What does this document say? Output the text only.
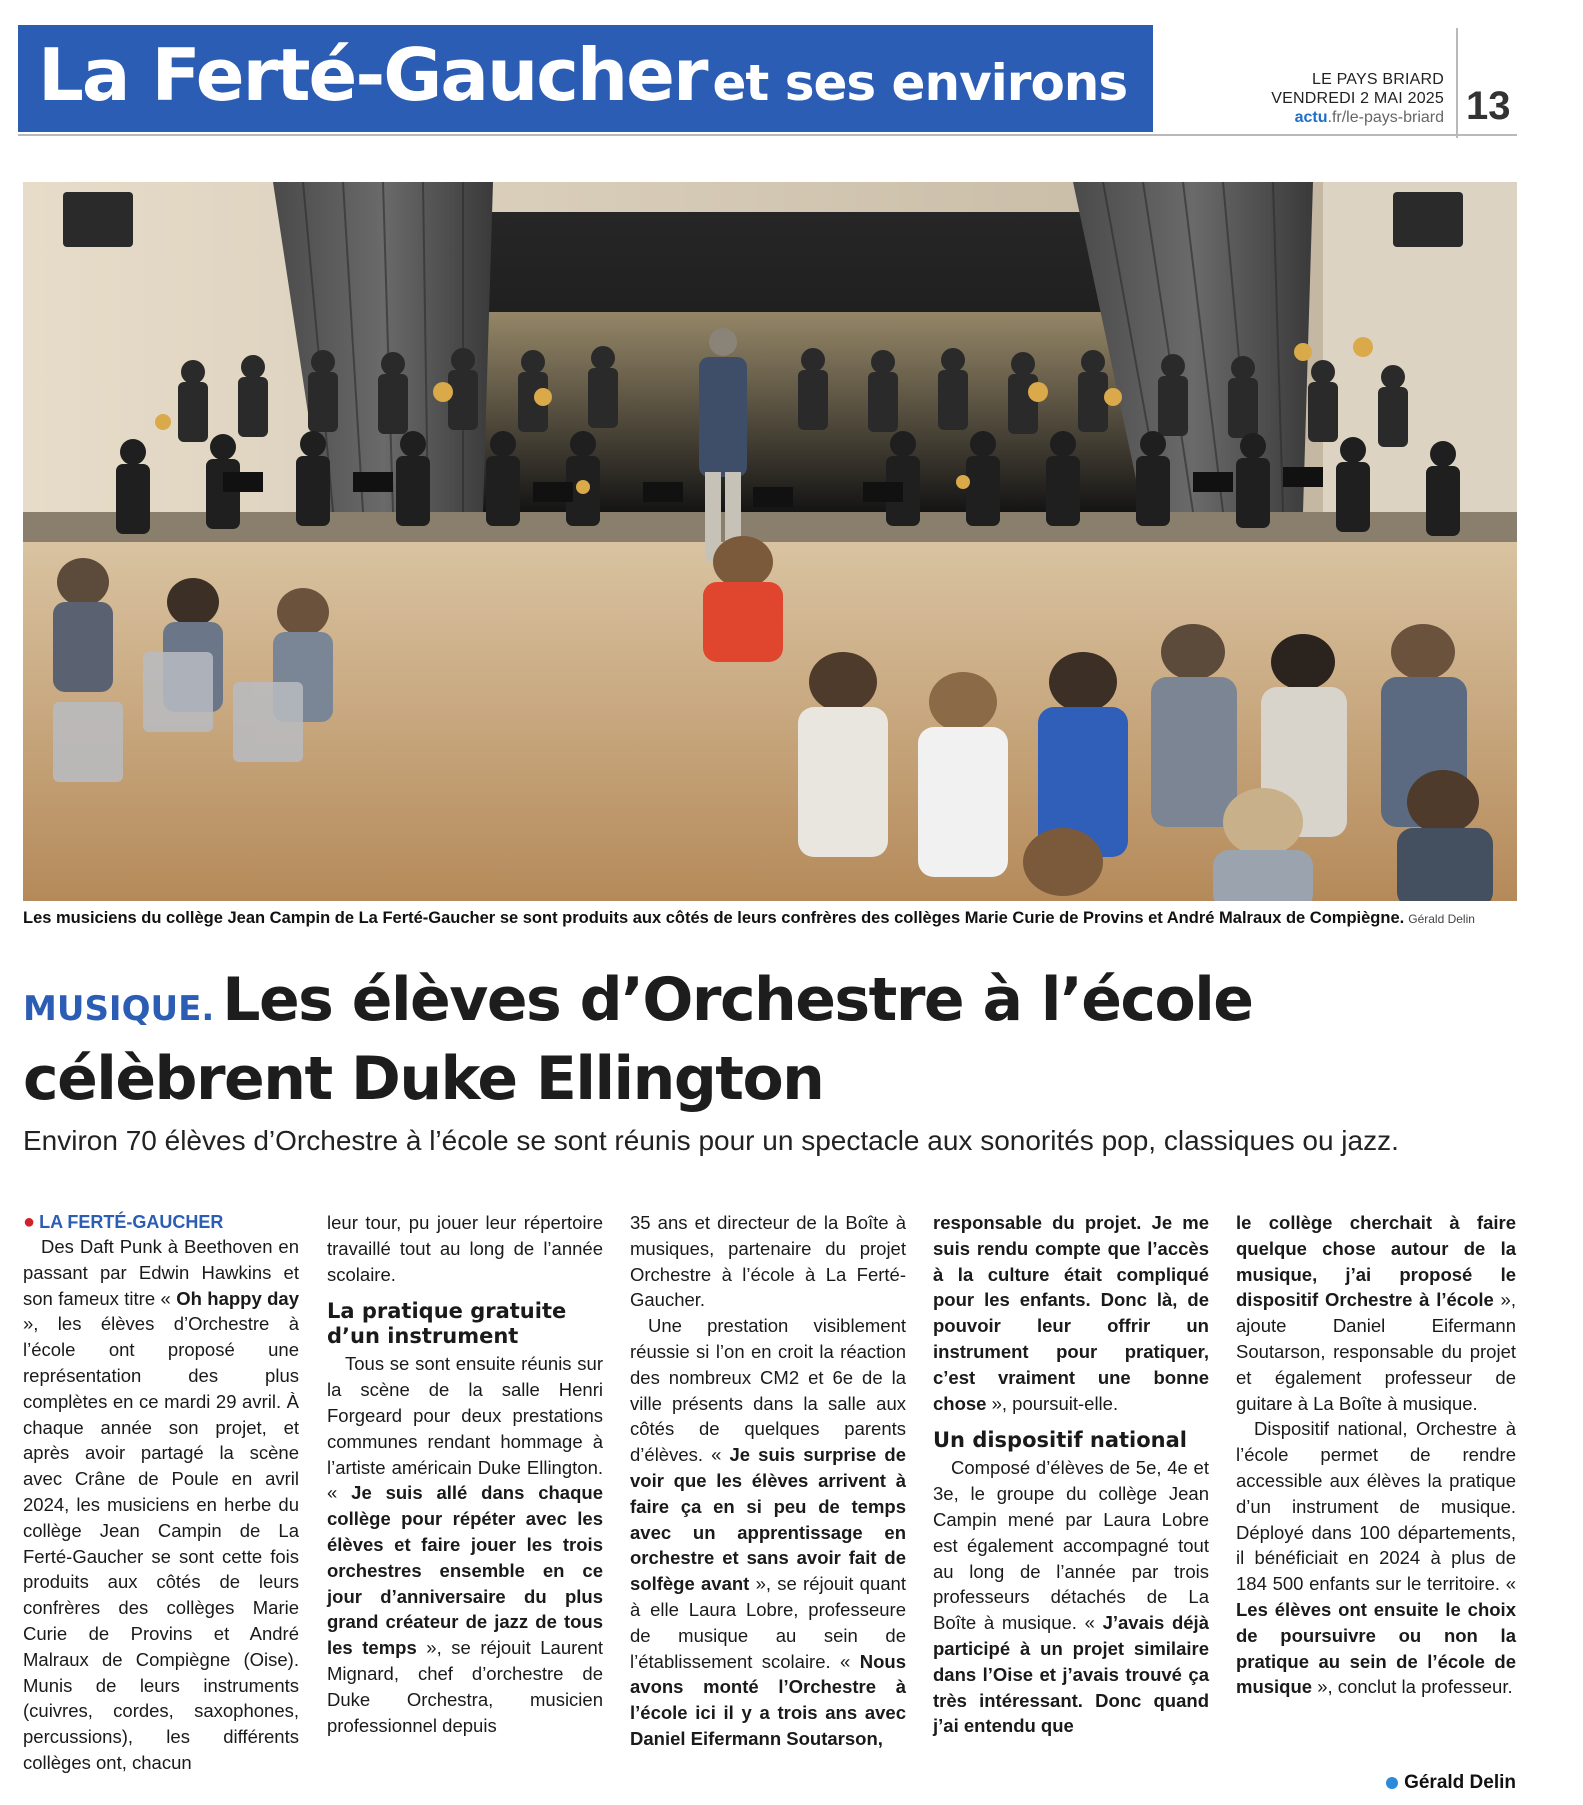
La Ferté-Gaucher et ses environs	LE PAYS BRIARD
VENDREDI 2 MAI 2025
actu.fr/le-pays-briard 13
Les musiciens du collège Jean Campin de La Ferté-Gaucher se sont produits aux côtés de leurs confrères des collèges Marie Curie de Provins et André Malraux de Compiègne. Gérald Delin
MUSIQUE. Les élèves d’Orchestre à l’école célèbrent Duke Ellington
Environ 70 élèves d’Orchestre à l’école se sont réunis pour un spectacle aux sonorités pop, classiques ou jazz.
● LA FERTÉ-GAUCHER

Des Daft Punk à Beethoven en passant par Edwin Hawkins et son fameux titre « Oh happy day », les élèves d’Orchestre à l’école ont proposé une représentation des plus complètes en ce mardi 29 avril. À chaque année son projet, et après avoir partagé la scène avec Crâne de Poule en avril 2024, les musiciens en herbe du collège Jean Campin de La Ferté-Gaucher se sont cette fois produits aux côtés de leurs confrères des collèges Marie Curie de Provins et André Malraux de Compiègne (Oise). Munis de leurs instruments (cuivres, cordes, saxophones, percussions), les différents collèges ont, chacun

leur tour, pu jouer leur répertoire travaillé tout au long de l’année scolaire.

La pratique gratuite d’un instrument

Tous se sont ensuite réunis sur la scène de la salle Henri Forgeard pour deux prestations communes rendant hommage à l’artiste américain Duke Ellington. « Je suis allé dans chaque collège pour répéter avec les élèves et faire jouer les trois orchestres ensemble en ce jour d’anniversaire du plus grand créateur de jazz de tous les temps », se réjouit Laurent Mignard, chef d’orchestre de Duke Orchestra, musicien professionnel depuis

35 ans et directeur de la Boîte à musiques, partenaire du projet Orchestre à l’école à La Ferté-Gaucher.

Une prestation visiblement réussie si l’on en croit la réaction des nombreux CM2 et 6e de la ville présents dans la salle aux côtés de quelques parents d’élèves. « Je suis surprise de voir que les élèves arrivent à faire ça en si peu de temps avec un apprentissage en orchestre et sans avoir fait de solfège avant », se réjouit quant à elle Laura Lobre, professeure de musique au sein de l’établissement scolaire. « Nous avons monté l’Orchestre à l’école ici il y a trois ans avec Daniel Eifermann Soutarson,

responsable du projet. Je me suis rendu compte que l’accès à la culture était compliqué pour les enfants. Donc là, de pouvoir leur offrir un instrument pour pratiquer, c’est vraiment une bonne chose », poursuit-elle.

Un dispositif national

Composé d’élèves de 5e, 4e et 3e, le groupe du collège Jean Campin mené par Laura Lobre est également accompagné tout au long de l’année par trois professeurs détachés de La Boîte à musique. « J’avais déjà participé à un projet similaire dans l’Oise et j’avais trouvé ça très intéressant. Donc quand j’ai entendu que

le collège cherchait à faire quelque chose autour de la musique, j’ai proposé le dispositif Orchestre à l’école », ajoute Daniel Eifermann Soutarson, responsable du projet et également professeur de guitare à La Boîte à musique.

Dispositif national, Orchestre à l’école permet de rendre accessible aux élèves la pratique d’un instrument de musique. Déployé dans 100 départements, il bénéficiait en 2024 à plus de 184 500 enfants sur le territoire. « Les élèves ont ensuite le choix de poursuivre ou non la pratique au sein de l’école de musique », conclut la professeur.

Gérald Delin
